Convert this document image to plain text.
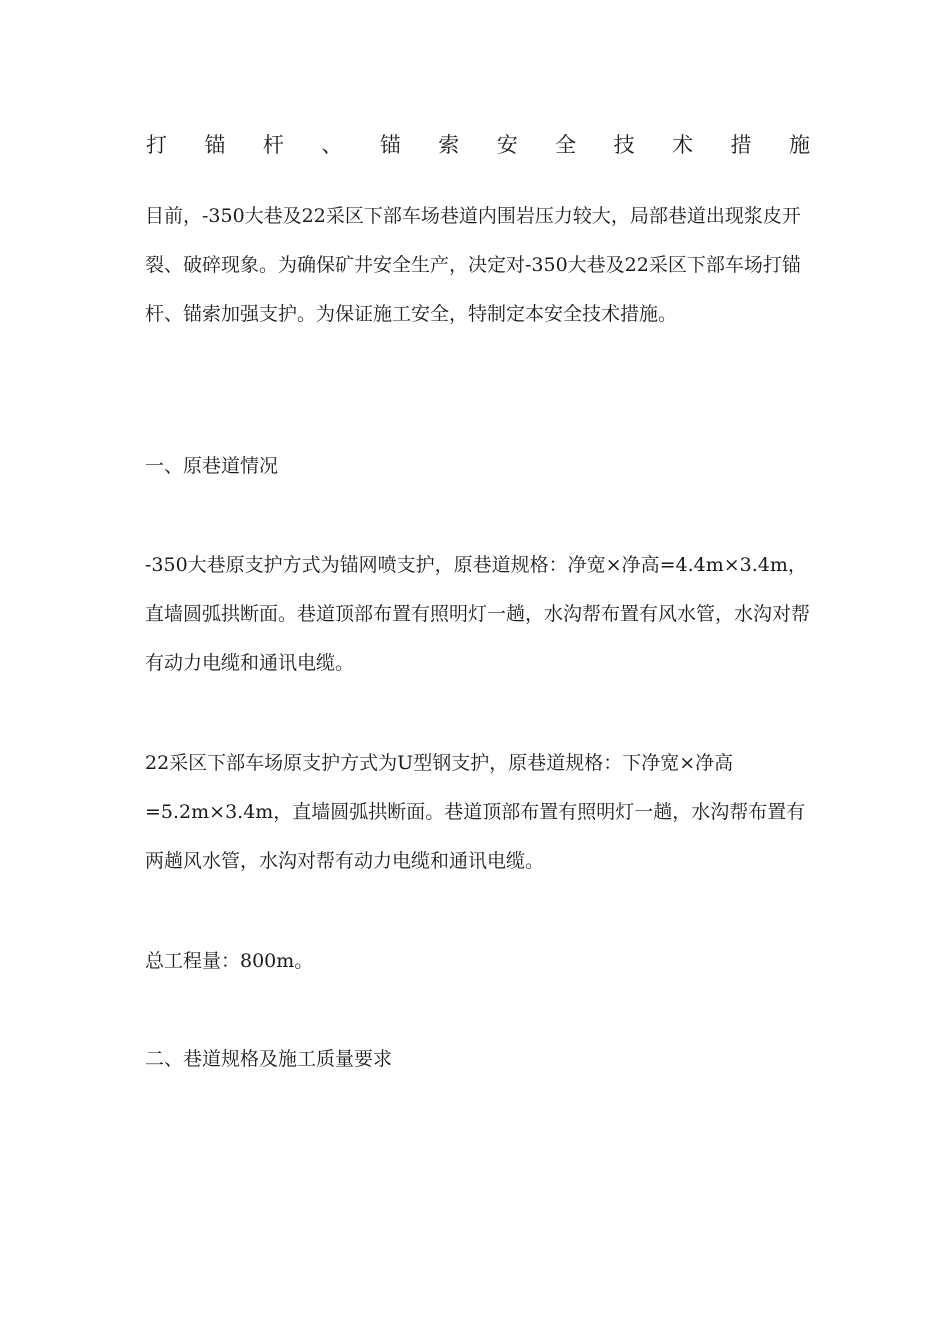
打 锚 杆 、 锚 索 安 全 技 术 措 施

目前，-350大巷及22采区下部车场巷道内围岩压力较大，局部巷道出现浆皮开裂、破碎现象。为确保矿井安全生产，决定对-350大巷及22采区下部车场打锚杆、锚索加强支护。为保证施工安全，特制定本安全技术措施。

一、原巷道情况

-350大巷原支护方式为锚网喷支护，原巷道规格：净宽×净高=4.4m×3.4m，直墙圆弧拱断面。巷道顶部布置有照明灯一趟，水沟帮布置有风水管，水沟对帮有动力电缆和通讯电缆。

22采区下部车场原支护方式为U型钢支护，原巷道规格：下净宽×净高=5.2m×3.4m，直墙圆弧拱断面。巷道顶部布置有照明灯一趟，水沟帮布置有两趟风水管，水沟对帮有动力电缆和通讯电缆。

总工程量：800m。

二、巷道规格及施工质量要求
